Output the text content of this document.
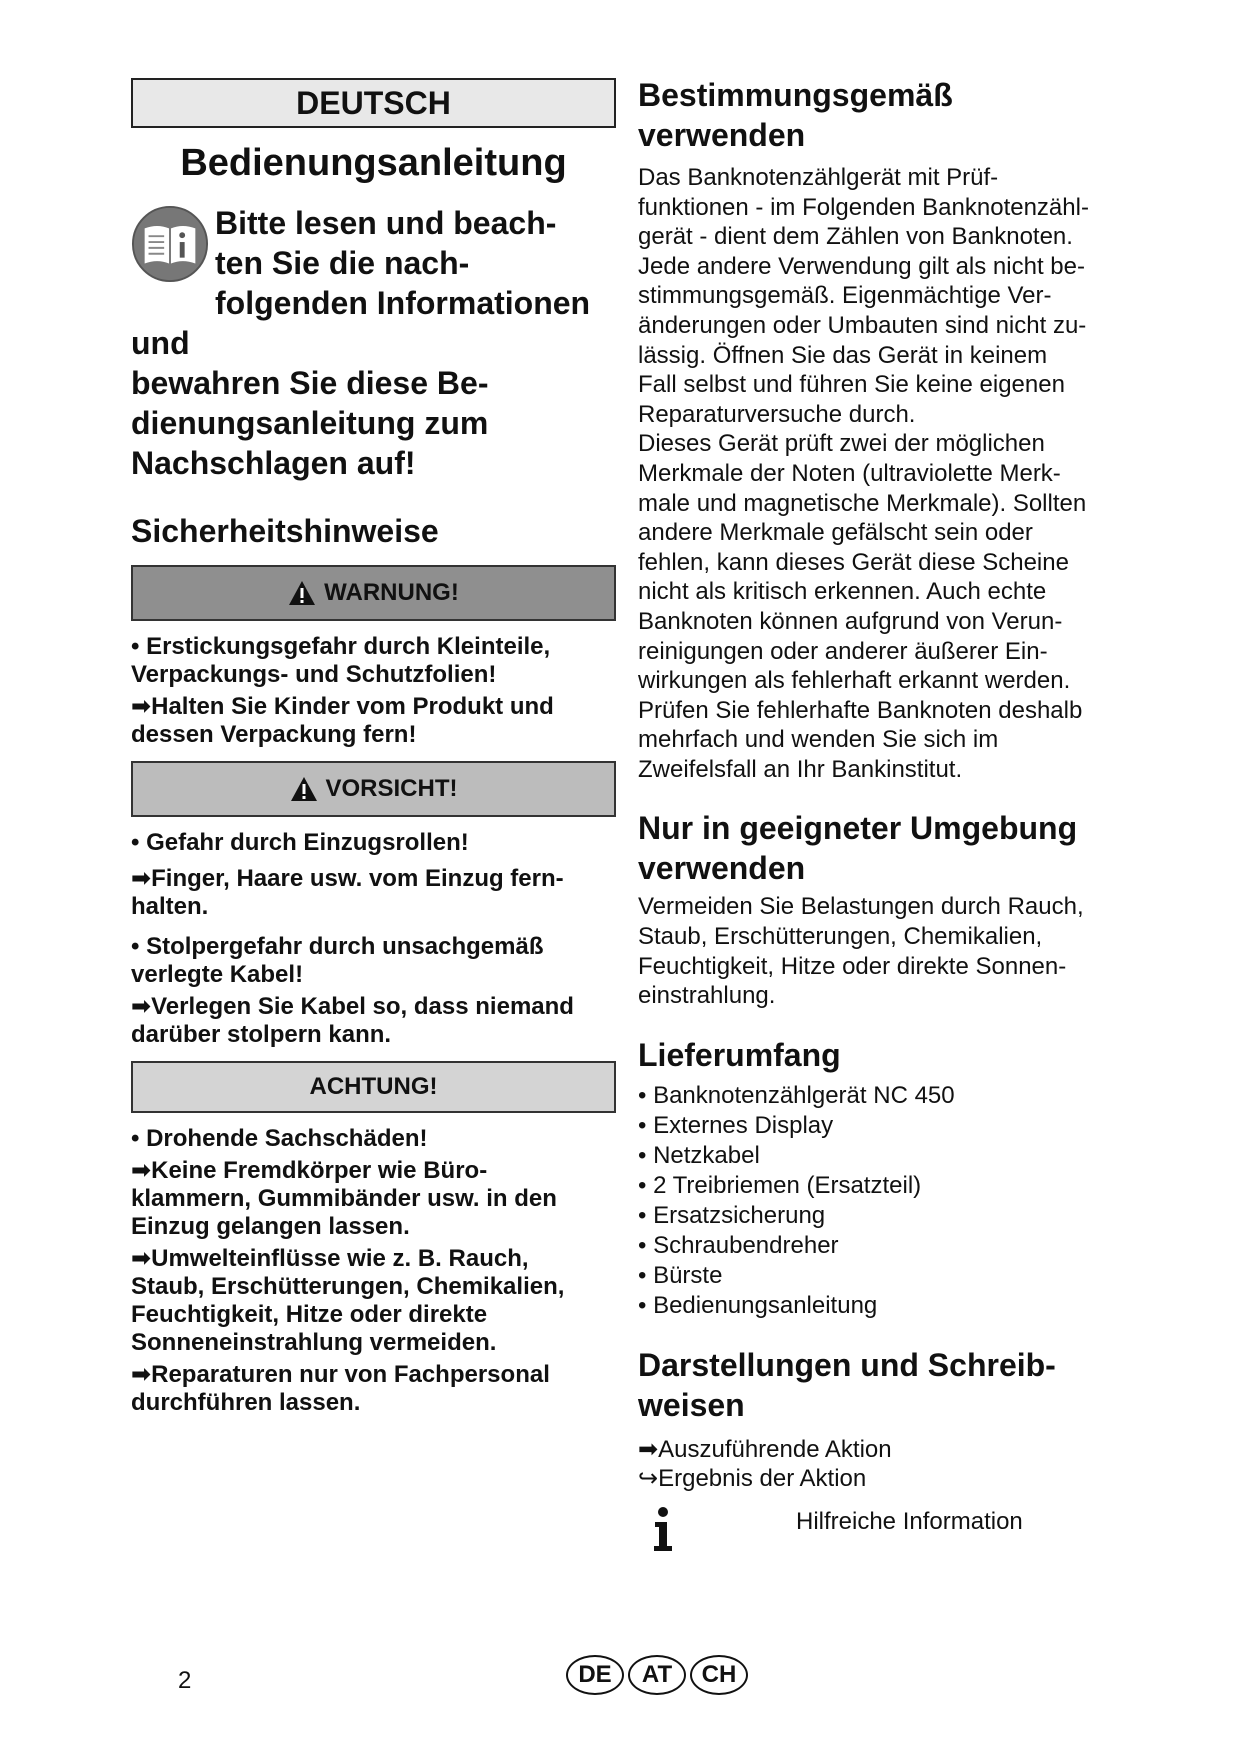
DEUTSCH
Bedienungsanleitung
Bitte lesen und beach-
ten Sie die nach-
folgenden Informationen und
bewahren Sie diese Be-
dienungsanleitung zum
Nachschlagen auf!
Sicherheitshinweise
WARNUNG!
• Erstickungsgefahr durch Kleinteile,
Verpackungs- und Schutzfolien!
➡Halten Sie Kinder vom Produkt und
dessen Verpackung fern!
VORSICHT!
• Gefahr durch Einzugsrollen!
➡Finger, Haare usw. vom Einzug fern-
halten.
• Stolpergefahr durch unsachgemäß
verlegte Kabel!
➡Verlegen Sie Kabel so, dass niemand
darüber stolpern kann.
ACHTUNG!
• Drohende Sachschäden!
➡Keine Fremdkörper wie Büro-
klammern, Gummibänder usw. in den
Einzug gelangen lassen.
➡Umwelteinflüsse wie z. B. Rauch,
Staub, Erschütterungen, Chemikalien,
Feuchtigkeit, Hitze oder direkte
Sonneneinstrahlung vermeiden.
➡Reparaturen nur von Fachpersonal
durchführen lassen.
Bestimmungsgemäß
verwenden
Das Banknotenzählgerät mit Prüf-
funktionen - im Folgenden Banknotenzähl-
gerät - dient dem Zählen von Banknoten.
Jede andere Verwendung gilt als nicht be-
stimmungsgemäß. Eigenmächtige Ver-
änderungen oder Umbauten sind nicht zu-
lässig. Öffnen Sie das Gerät in keinem
Fall selbst und führen Sie keine eigenen
Reparaturversuche durch.
Dieses Gerät prüft zwei der möglichen
Merkmale der Noten (ultraviolette Merk-
male und magnetische Merkmale). Sollten
andere Merkmale gefälscht sein oder
fehlen, kann dieses Gerät diese Scheine
nicht als kritisch erkennen. Auch echte
Banknoten können aufgrund von Verun-
reinigungen oder anderer äußerer Ein-
wirkungen als fehlerhaft erkannt werden.
Prüfen Sie fehlerhafte Banknoten deshalb
mehrfach und wenden Sie sich im
Zweifelsfall an Ihr Bankinstitut.
Nur in geeigneter Umgebung
verwenden
Vermeiden Sie Belastungen durch Rauch,
Staub, Erschütterungen, Chemikalien,
Feuchtigkeit, Hitze oder direkte Sonnen-
einstrahlung.
Lieferumfang
• Banknotenzählgerät NC 450
• Externes Display
• Netzkabel
• 2 Treibriemen (Ersatzteil)
• Ersatzsicherung
• Schraubendreher
• Bürste
• Bedienungsanleitung
Darstellungen und Schreib-
weisen
➡Auszuführende Aktion
↪Ergebnis der Aktion
Hilfreiche Information
2	DE	AT	CH
